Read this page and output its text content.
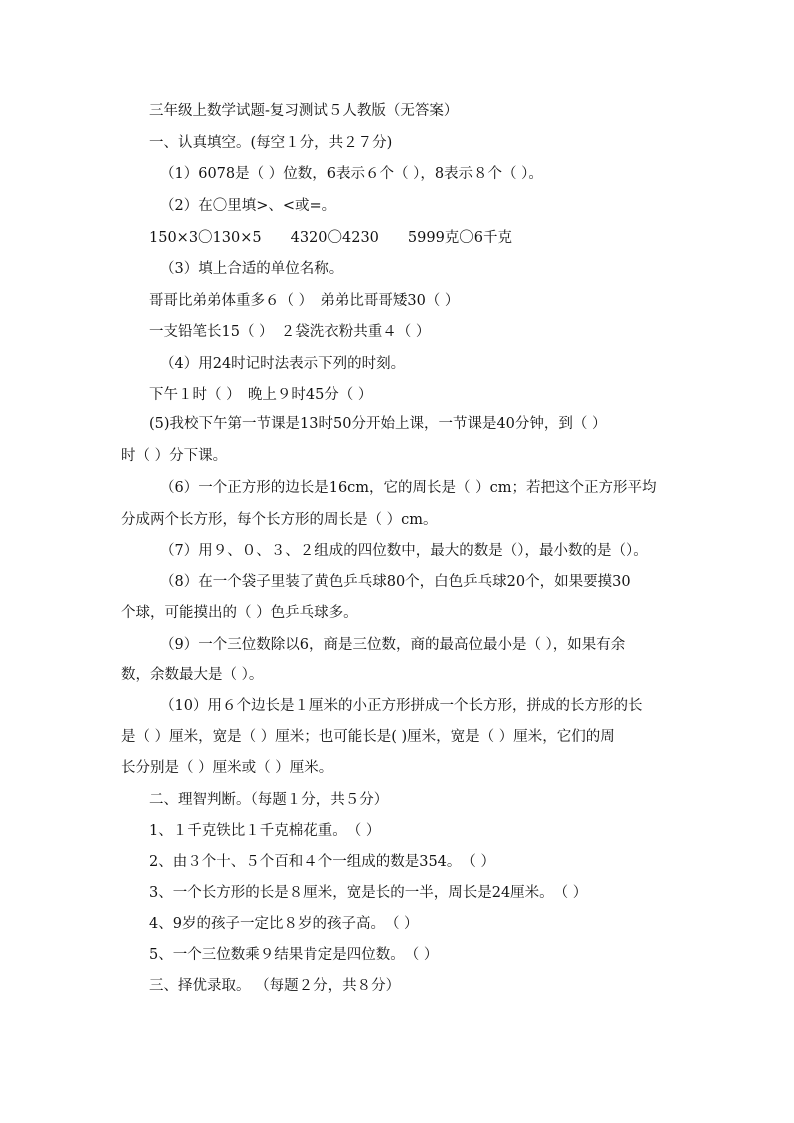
三年级上数学试题-复习测试５人教版（无答案）
一、认真填空。(每空１分，共２７分)
（1）6078是（ ）位数，6表示６个（ ），8表示８个（ ）。
（2）在〇里填>、<或=。
150×3〇130×5　　4320〇4230　　5999克〇6千克
（3）填上合适的单位名称。
哥哥比弟弟体重多６（ ）　弟弟比哥哥矮30（ ）
一支铅笔长15（ ）　２袋洗衣粉共重４（ ）
（4）用24时记时法表示下列的时刻。
下午１时（ ）　晚上９时45分（ ）
(5)我校下午第一节课是13时50分开始上课，一节课是40分钟，到（ ）
时（ ）分下课。
（6）一个正方形的边长是16cm，它的周长是（ ）cm；若把这个正方形平均
分成两个长方形，每个长方形的周长是（ ）cm。
（7）用９、０、３、２组成的四位数中，最大的数是（），最小数的是（）。
（8）在一个袋子里装了黄色乒乓球80个，白色乒乓球20个，如果要摸30
个球，可能摸出的（ ）色乒乓球多。
（9）一个三位数除以6，商是三位数，商的最高位最小是（ ），如果有余
数，余数最大是（ ）。
（10）用６个边长是１厘米的小正方形拼成一个长方形，拼成的长方形的长
是（ ）厘米，宽是（ ）厘米；也可能长是( )厘米，宽是（ ）厘米，它们的周
长分别是（ ）厘米或（ ）厘米。
二、理智判断。（每题１分，共５分）
1、１千克铁比１千克棉花重。　（ ）
2、由３个十、５个百和４个一组成的数是354。　（ ）
3、一个长方形的长是８厘米，宽是长的一半，周长是24厘米。　（ ）
4、9岁的孩子一定比８岁的孩子高。　（ ）
5、一个三位数乘９结果肯定是四位数。　（ ）
三、择优录取。 （每题２分，共８分）
